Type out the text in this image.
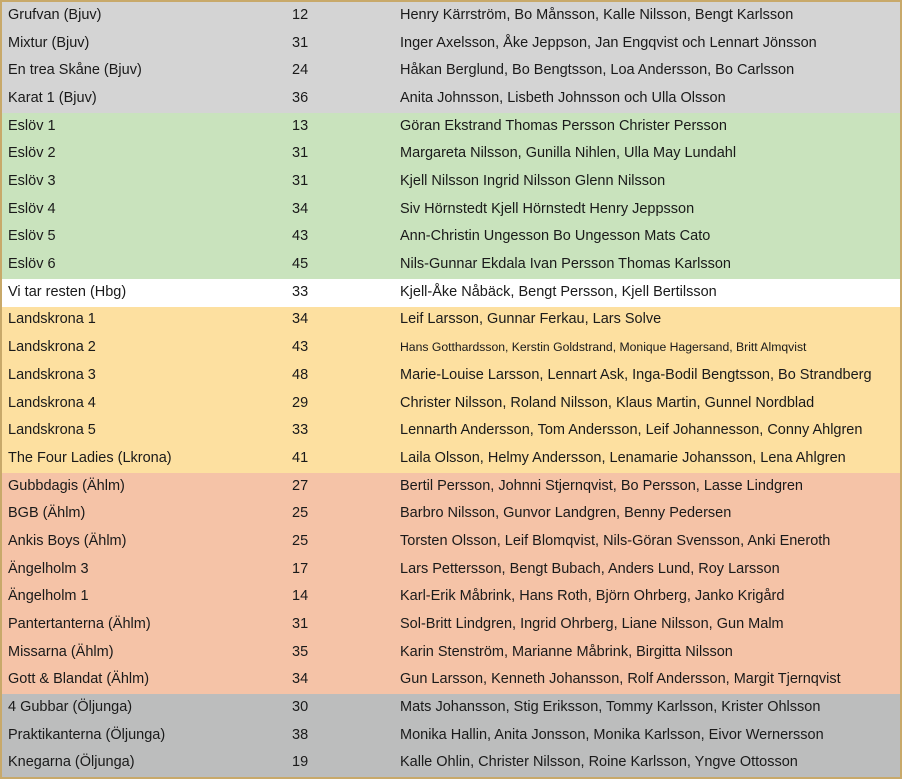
Grufvan (Bjuv)	12	Henry Kärrström, Bo Månsson, Kalle Nilsson, Bengt Karlsson
Mixtur (Bjuv)	31	Inger Axelsson, Åke Jeppson, Jan Engqvist och Lennart Jönsson
En trea Skåne (Bjuv)	24	Håkan Berglund, Bo Bengtsson, Loa Andersson, Bo Carlsson
Karat 1 (Bjuv)	36	Anita Johnsson, Lisbeth Johnsson och Ulla Olsson
Eslöv 1	13	Göran Ekstrand Thomas Persson Christer Persson
Eslöv 2	31	Margareta Nilsson, Gunilla Nihlen, Ulla May Lundahl
Eslöv 3	31	Kjell Nilsson Ingrid Nilsson Glenn Nilsson
Eslöv 4	34	Siv Hörnstedt Kjell Hörnstedt Henry Jeppsson
Eslöv 5	43	Ann-Christin Ungesson Bo Ungesson Mats Cato
Eslöv 6	45	Nils-Gunnar Ekdala Ivan Persson Thomas Karlsson
Vi tar resten (Hbg)	33	Kjell-Åke Nåbäck, Bengt Persson, Kjell Bertilsson
Landskrona 1	34	Leif Larsson, Gunnar Ferkau, Lars Solve
Landskrona 2	43	Hans Gotthardsson, Kerstin Goldstrand, Monique Hagersand, Britt Almqvist
Landskrona 3	48	Marie-Louise Larsson, Lennart Ask, Inga-Bodil Bengtsson, Bo Strandberg
Landskrona 4	29	Christer Nilsson, Roland Nilsson, Klaus Martin, Gunnel Nordblad
Landskrona 5	33	Lennarth Andersson, Tom Andersson, Leif Johannesson, Conny Ahlgren
The Four Ladies (Lkrona)	41	Laila Olsson, Helmy Andersson, Lenamarie Johansson, Lena Ahlgren
Gubbdagis (Ählm)	27	Bertil Persson, Johnni Stjernqvist, Bo Persson, Lasse Lindgren
BGB (Ählm)	25	Barbro Nilsson, Gunvor Landgren, Benny Pedersen
Ankis Boys (Ählm)	25	Torsten Olsson, Leif Blomqvist, Nils-Göran Svensson, Anki Eneroth
Ängelholm 3	17	Lars Pettersson, Bengt Bubach, Anders Lund, Roy Larsson
Ängelholm 1	14	Karl-Erik Måbrink, Hans Roth, Björn Ohrberg, Janko Krigård
Pantertanterna (Ählm)	31	Sol-Britt Lindgren, Ingrid Ohrberg, Liane Nilsson, Gun Malm
Missarna (Ählm)	35	Karin Stenström, Marianne Måbrink, Birgitta Nilsson
Gott & Blandat (Ählm)	34	Gun Larsson, Kenneth Johansson, Rolf Andersson, Margit Tjernqvist
4 Gubbar (Öljunga)	30	Mats Johansson, Stig Eriksson, Tommy Karlsson, Krister Ohlsson
Praktikanterna (Öljunga)	38	Monika Hallin, Anita Jonsson, Monika Karlsson, Eivor Wernersson
Knegarna (Öljunga)	19	Kalle Ohlin, Christer Nilsson, Roine Karlsson, Yngve Ottosson
